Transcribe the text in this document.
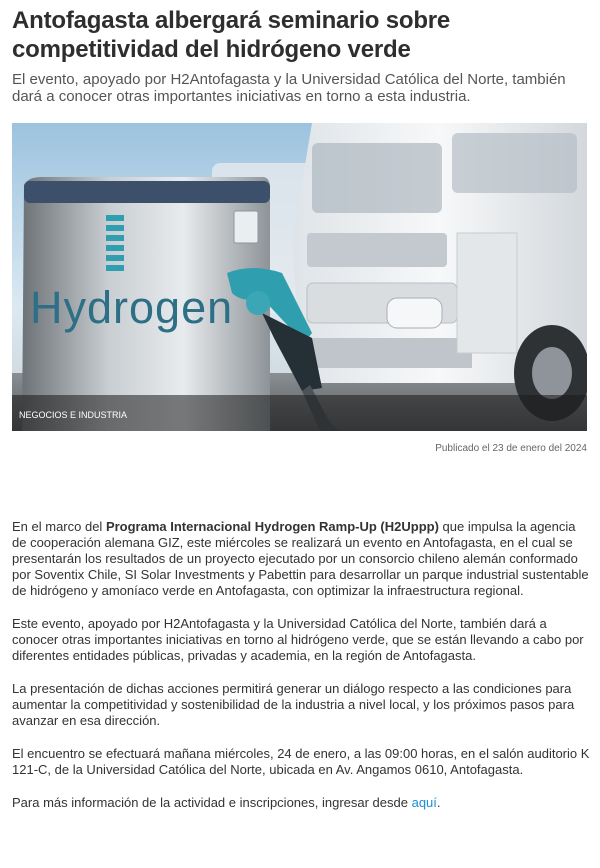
Antofagasta albergará seminario sobre competitividad del hidrógeno verde

El evento, apoyado por H2Antofagasta y la Universidad Católica del Norte, también dará a conocer otras importantes iniciativas en torno a esta industria.

Hydrogen
NEGOCIOS E INDUSTRIA
Publicado el 23 de enero del 2024

En el marco del Programa Internacional Hydrogen Ramp-Up (H2Uppp) que impulsa la agencia de cooperación alemana GIZ, este miércoles se realizará un evento en Antofagasta, en el cual se presentarán los resultados de un proyecto ejecutado por un consorcio chileno alemán conformado por Soventix Chile, SI Solar Investments y Pabettin para desarrollar un parque industrial sustentable de hidrógeno y amoníaco verde en Antofagasta, con optimizar la infraestructura regional.

Este evento, apoyado por H2Antofagasta y la Universidad Católica del Norte, también dará a conocer otras importantes iniciativas en torno al hidrógeno verde, que se están llevando a cabo por diferentes entidades públicas, privadas y academia, en la región de Antofagasta.

La presentación de dichas acciones permitirá generar un diálogo respecto a las condiciones para aumentar la competitividad y sostenibilidad de la industria a nivel local, y los próximos pasos para avanzar en esa dirección.

El encuentro se efectuará mañana miércoles, 24 de enero, a las 09:00 horas, en el salón auditorio K 121-C, de la Universidad Católica del Norte, ubicada en Av. Angamos 0610, Antofagasta.

Para más información de la actividad e inscripciones, ingresar desde aquí.
